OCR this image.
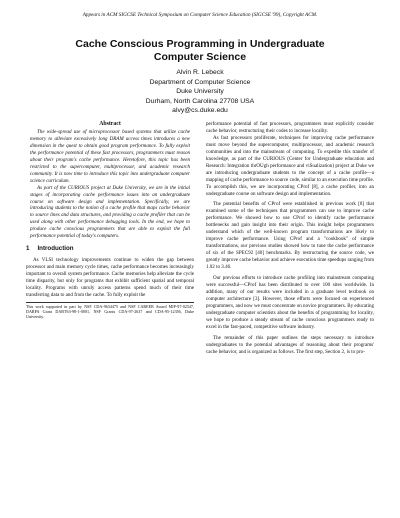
Appears in ACM SIGCSE Technical Symposium on Computer Science Education (SIGCSE '99), Copyright ACM.
Cache Conscious Programming in Undergraduate
Computer Science
Alvin R. Lebeck
Department of Computer Science
Duke University
Durham, North Carolina 27708 USA
alvy@cs.duke.edu
Abstract

The wide-spread use of microprocessor based systems that utilize cache memory to alleviate excessively long DRAM access times introduces a new dimension in the quest to obtain good program performance. To fully exploit the performance potential of these fast processors, programmers must reason about their program's cache performance. Heretofore, this topic has been restricted to the supercomputer, multiprocessor, and academic research community. It is now time to introduce this topic into undergraduate computer science curriculum.

As part of the CURIOUS project at Duke University, we are in the initial stages of incorporating cache performance issues into an undergraduate course on software design and implementation. Specifically, we are introducing students to the notion of a cache profile that maps cache behavior to source lines and data structures, and providing a cache profiler that can be used along with other performance debugging tools. In the end, we hope to produce cache conscious programmers that are able to exploit the full performance potential of today's computers.

1 Introduction

As VLSI technology improvements continue to widen the gap between processor and main memory cycle times, cache performance becomes increasingly important to overall system performance. Cache memories help alleviate the cycle time disparity, but only for programs that exhibit sufficient spatial and temporal locality. Programs with unruly access patterns spend much of their time transferring data to and from the cache. To fully exploit the

This work supported in part by NSF CDA-9634475 and NSF CAREER Award MIP-97-02547, DARPA Grant DABT63-98-1-0001, NSF Grants CDA-97-2637 and CDA-95-12356, Duke University.

performance potential of fast processors, programmers must explicitly consider cache behavior, restructuring their codes to increase locality.

As fast processors proliferate, techniques for improving cache performance must move beyond the supercomputer, multiprocessor, and academic research communities and into the mainstream of computing. To expedite this transfer of knowledge, as part of the CURIOUS (Center for Undergraduate education and Research: Integration thrOUgh performance and viSualization) project at Duke we are introducing undergraduate students to the concept of a cache profile—a mapping of cache performance to source code, similar to an execution time profile. To accomplish this, we are incorporating CProf [8], a cache profiler, into an undergraduate course on software design and implementation.

The potential benefits of CProf were established in previous work [8] that examined some of the techniques that programmers can use to improve cache performance. We showed how to use CProf to identify cache performance bottlenecks and gain insight into their origin. This insight helps programmers understand which of the well-known program transformations are likely to improve cache performance. Using CProf and a "cookbook" of simple transformations, our previous studies showed how to tune the cache performance of six of the SPEC92 [40] benchmarks. By restructuring the source code, we greatly improve cache behavior and achieve execution time speedups ranging from 1.02 to 3.46.

Our previous efforts to introduce cache profiling into mainstream computing were successful—CProf has been distributed to over 100 sites worldwide. In addition, many of our results were included in a graduate level textbook on computer architecture [3]. However, those efforts were focused on experienced programmers, and now we must concentrate on novice programmers. By educating undergraduate computer scientists about the benefits of programming for locality, we hope to produce a steady stream of cache conscious programmers ready to excel in the fast-paced, competitive software industry.

The remainder of this paper outlines the steps necessary to introduce undergraduates to the potential advantages of reasoning about their programs' cache behavior, and is organized as follows. The first step, Section 2, is to pro-
